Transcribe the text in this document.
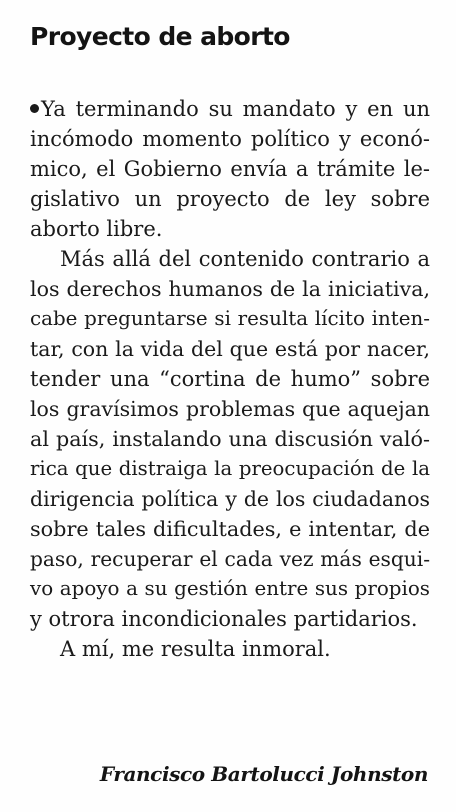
Proyecto de aborto
Ya terminando su mandato y en un
incómodo momento político y econó-
mico, el Gobierno envía a trámite le-
gislativo un proyecto de ley sobre
aborto libre.
Más allá del contenido contrario a
los derechos humanos de la iniciativa,
cabe preguntarse si resulta lícito inten-
tar, con la vida del que está por nacer,
tender una “cortina de humo” sobre
los gravísimos problemas que aquejan
al país, instalando una discusión való-
rica que distraiga la preocupación de la
dirigencia política y de los ciudadanos
sobre tales dificultades, e intentar, de
paso, recuperar el cada vez más esqui-
vo apoyo a su gestión entre sus propios
y otrora incondicionales partidarios.
A mí, me resulta inmoral.
Francisco Bartolucci Johnston
